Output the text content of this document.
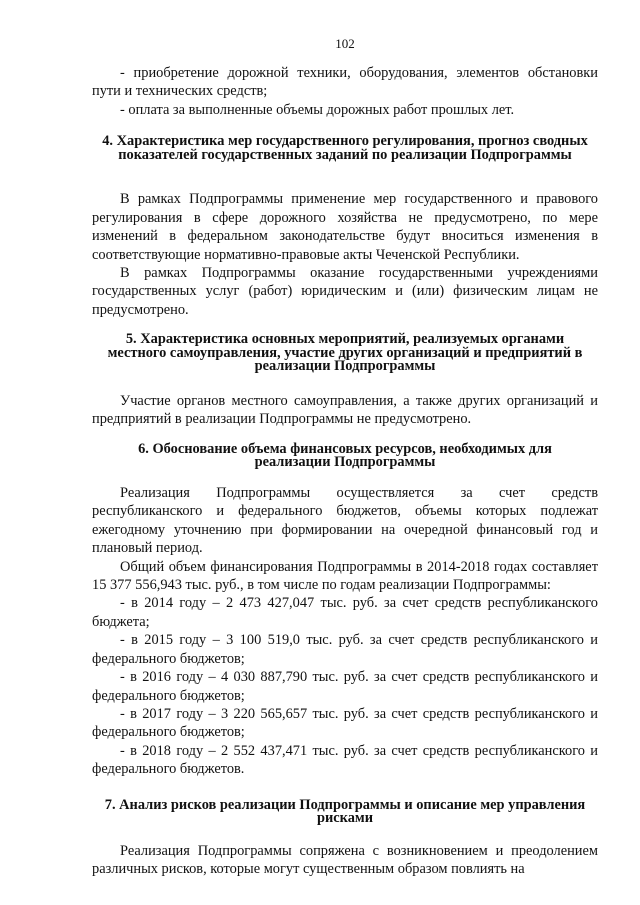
102

- приобретение дорожной техники, оборудования, элементов обстановки пути и технических средств;

- оплата за выполненные объемы дорожных работ прошлых лет.

4. Характеристика мер государственного регулирования, прогноз сводных показателей государственных заданий по реализации Подпрограммы

В рамках Подпрограммы применение мер государственного и правового регулирования в сфере дорожного хозяйства не предусмотрено, по мере изменений в федеральном законодательстве будут вноситься изменения в соответствующие нормативно-правовые акты Чеченской Республики.

В рамках Подпрограммы оказание государственными учреждениями государственных услуг (работ) юридическим и (или) физическим лицам не предусмотрено.

5. Характеристика основных мероприятий, реализуемых органами местного самоуправления, участие других организаций и предприятий в реализации Подпрограммы

Участие органов местного самоуправления, а также других организаций и предприятий в реализации Подпрограммы не предусмотрено.

6. Обоснование объема финансовых ресурсов, необходимых для реализации Подпрограммы

Реализация Подпрограммы осуществляется за счет средств республиканского и федерального бюджетов, объемы которых подлежат ежегодному уточнению при формировании на очередной финансовый год и плановый период.

Общий объем финансирования Подпрограммы в 2014-2018 годах составляет 15 377 556,943 тыс. руб., в том числе по годам реализации Подпрограммы:

- в 2014 году – 2 473 427,047 тыс. руб. за счет средств республиканского бюджета;

- в 2015 году – 3 100 519,0 тыс. руб. за счет средств республиканского и федерального бюджетов;

- в 2016 году – 4 030 887,790 тыс. руб. за счет средств республиканского и федерального бюджетов;

- в 2017 году – 3 220 565,657 тыс. руб. за счет средств республиканского и федерального бюджетов;

- в 2018 году – 2 552 437,471 тыс. руб. за счет средств республиканского и федерального бюджетов.

7. Анализ рисков реализации Подпрограммы и описание мер управления рисками

Реализация Подпрограммы сопряжена с возникновением и преодолением различных рисков, которые могут существенным образом повлиять на
